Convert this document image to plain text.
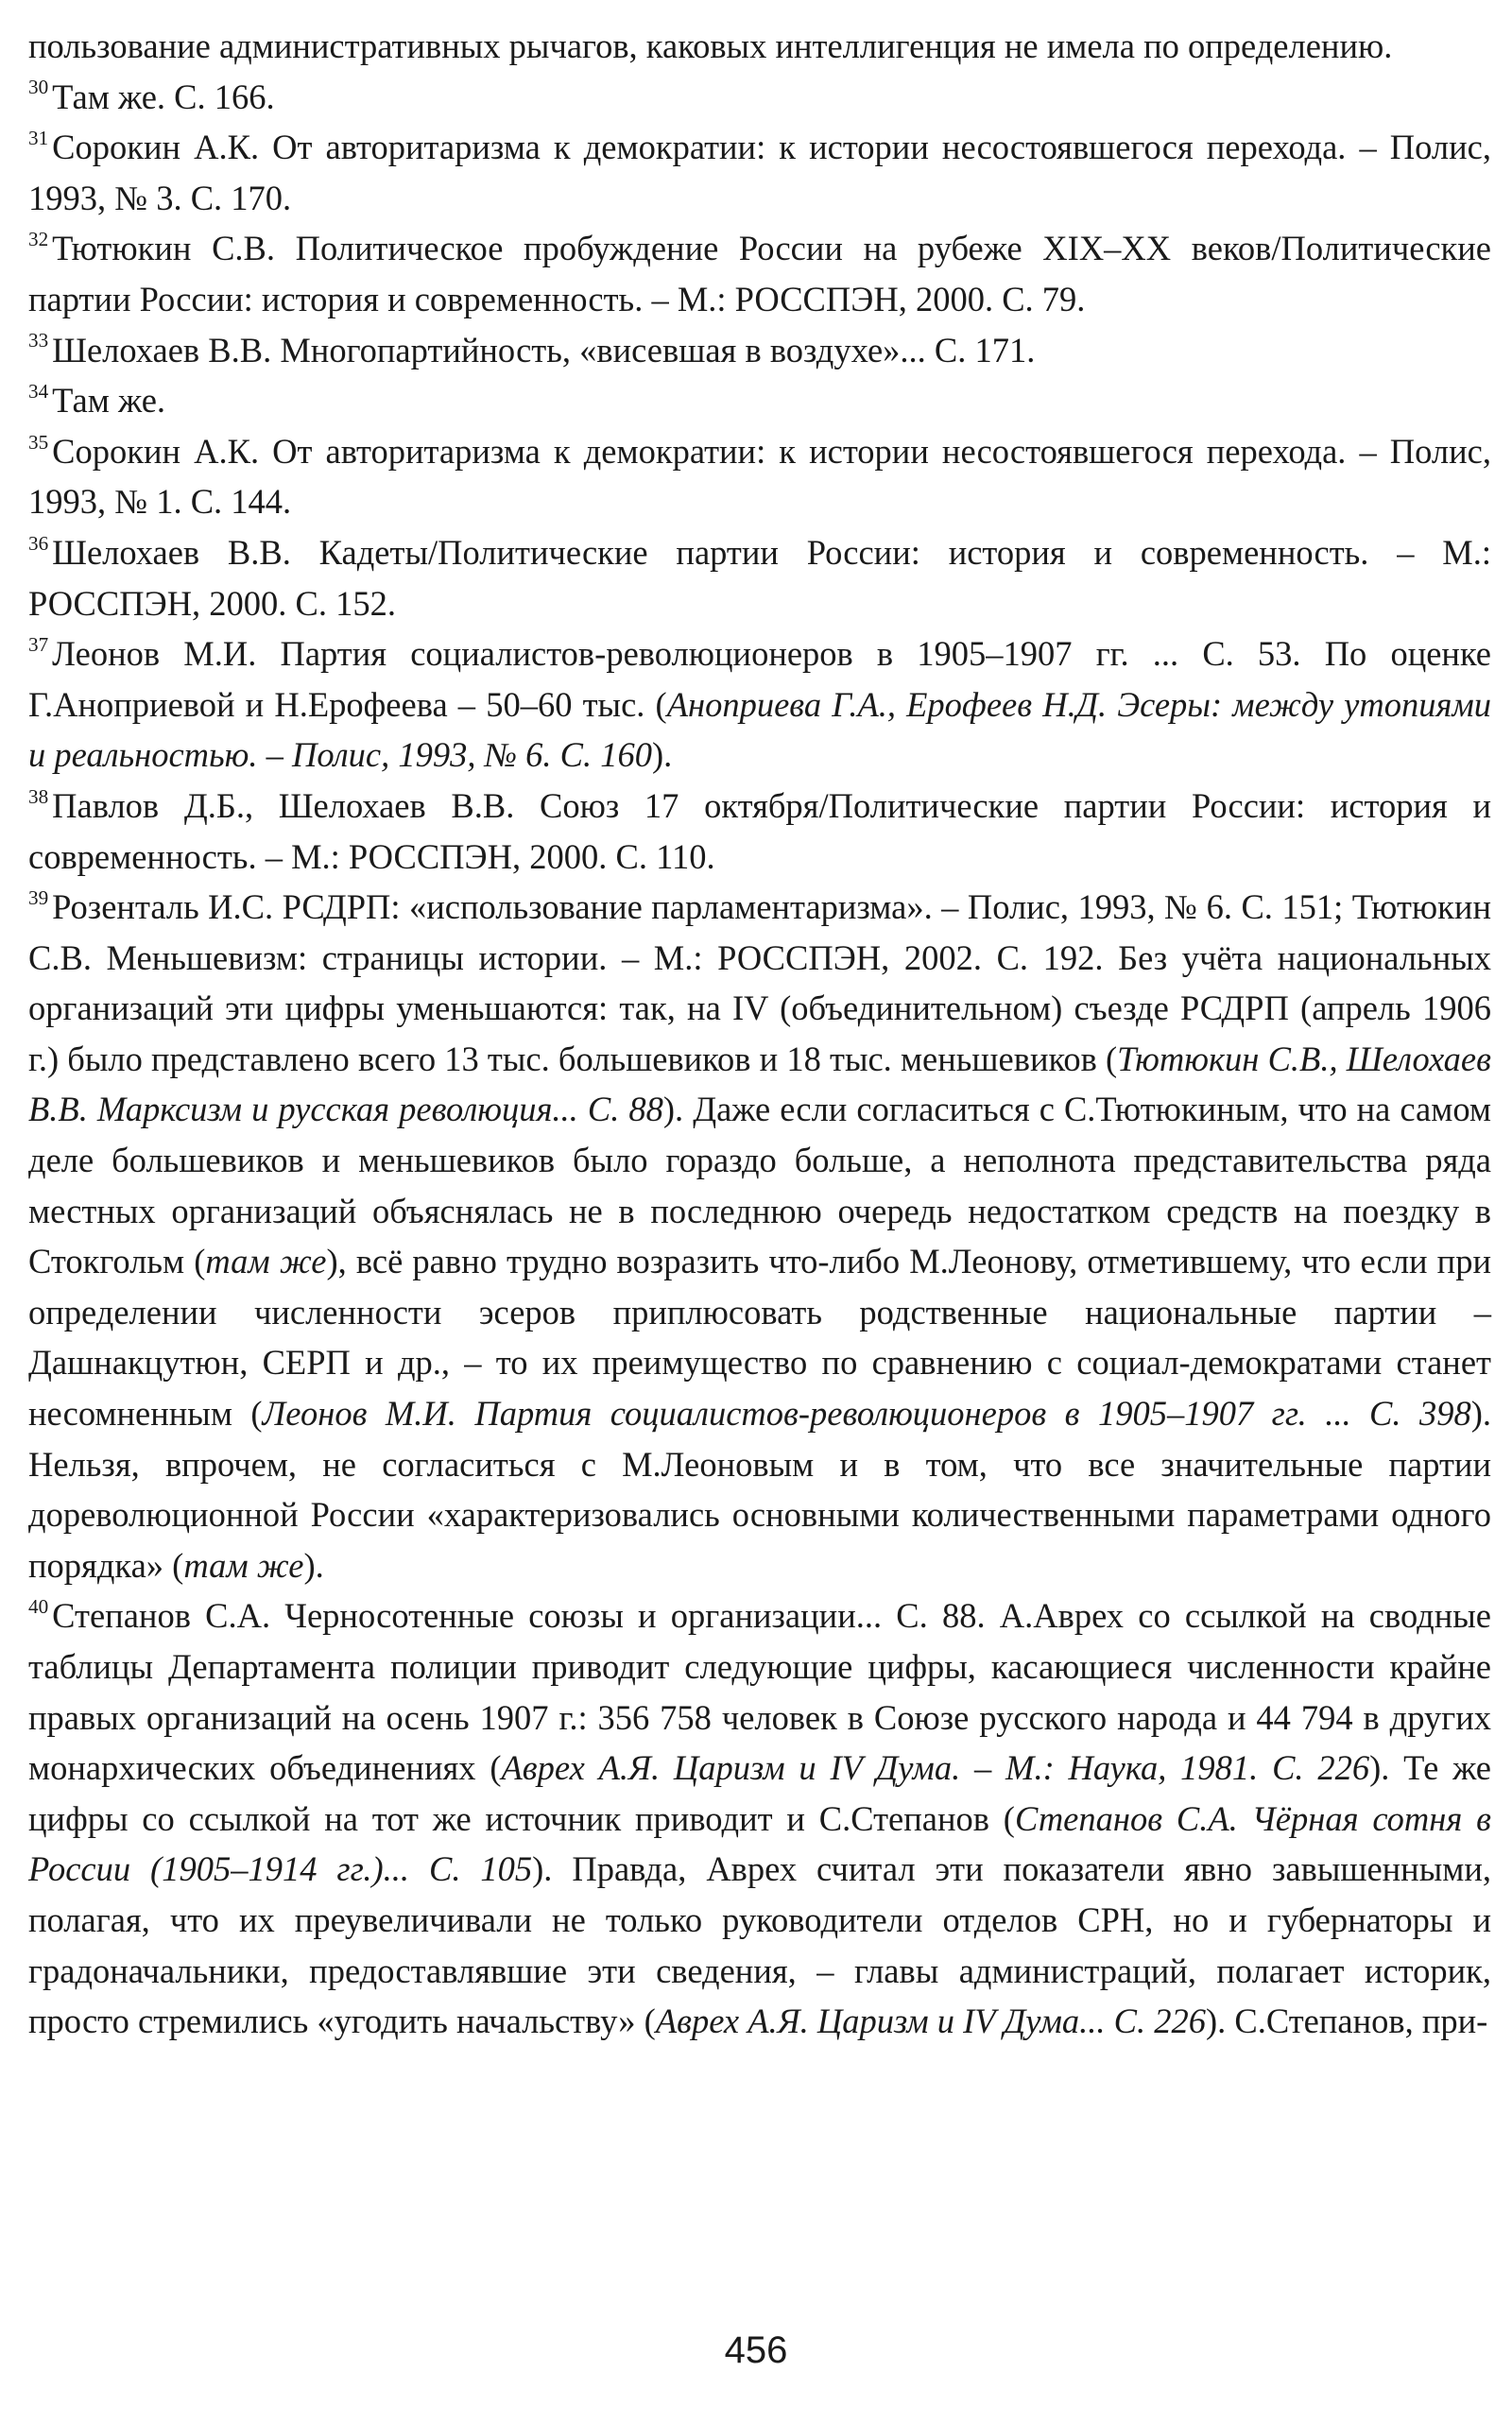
пользование административных рычагов, каковых интеллигенция не имела по определению.

$^{30}$ Там же. С. 166.

$^{31}$ Сорокин А.К. От авторитаризма к демократии: к истории несостоявшегося перехода. – Полис, 1993, № 3. С. 170.

$^{32}$ Тютюкин С.В. Политическое пробуждение России на рубеже XIX–XX веков/Политические партии России: история и современность. – М.: РОССПЭН, 2000. С. 79.

$^{33}$ Шелохаев В.В. Многопартийность, «висевшая в воздухе»... С. 171.

$^{34}$ Там же.

$^{35}$ Сорокин А.К. От авторитаризма к демократии: к истории несостоявшегося перехода. – Полис, 1993, № 1. С. 144.

$^{36}$ Шелохаев В.В. Кадеты/Политические партии России: история и современность. – М.: РОССПЭН, 2000. С. 152.

$^{37}$ Леонов М.И. Партия социалистов-революционеров в 1905–1907 гг. ... С. 53. По оценке Г.Аноприевой и Н.Ерофеева – 50–60 тыс. (Аноприева Г.А., Ерофеев Н.Д. Эсеры: между утопиями и реальностью. – Полис, 1993, № 6. С. 160).

$^{38}$ Павлов Д.Б., Шелохаев В.В. Союз 17 октября/Политические партии России: история и современность. – М.: РОССПЭН, 2000. С. 110.

$^{39}$ Розенталь И.С. РСДРП: «использование парламентаризма». – Полис, 1993, № 6. С. 151; Тютюкин С.В. Меньшевизм: страницы истории. – М.: РОССПЭН, 2002. С. 192. Без учёта национальных организаций эти цифры уменьшаются: так, на IV (объединительном) съезде РСДРП (апрель 1906 г.) было представлено всего 13 тыс. большевиков и 18 тыс. меньшевиков (Тютюкин С.В., Шелохаев В.В. Марксизм и русская революция... С. 88). Даже если согласиться с С.Тютюкиным, что на самом деле большевиков и меньшевиков было гораздо больше, а неполнота представительства ряда местных организаций объяснялась не в последнюю очередь недостатком средств на поездку в Стокгольм (там же), всё равно трудно возразить что-либо М.Леонову, отметившему, что если при определении численности эсеров приплюсовать родственные национальные партии – Дашнакцутюн, СЕРП и др., – то их преимущество по сравнению с социал-демократами станет несомненным (Леонов М.И. Партия социалистов-революционеров в 1905–1907 гг. ... С. 398). Нельзя, впрочем, не согласиться с М.Леоновым и в том, что все значительные партии дореволюционной России «характеризовались основными количественными параметрами одного порядка» (там же).

$^{40}$ Степанов С.А. Черносотенные союзы и организации... С. 88. А.Аврех со ссылкой на сводные таблицы Департамента полиции приводит следующие цифры, касающиеся численности крайне правых организаций на осень 1907 г.: 356 758 человек в Союзе русского народа и 44 794 в других монархических объединениях (Аврех А.Я. Царизм и IV Дума. – М.: Наука, 1981. С. 226). Те же цифры со ссылкой на тот же источник приводит и С.Степанов (Степанов С.А. Чёрная сотня в России (1905–1914 гг.)... С. 105). Правда, Аврех считал эти показатели явно завышенными, полагая, что их преувеличивали не только руководители отделов СРН, но и губернаторы и градоначальники, предоставлявшие эти сведения, – главы администраций, полагает историк, просто стремились «угодить начальству» (Аврех А.Я. Царизм и IV Дума... С. 226). С.Степанов, при-

456
